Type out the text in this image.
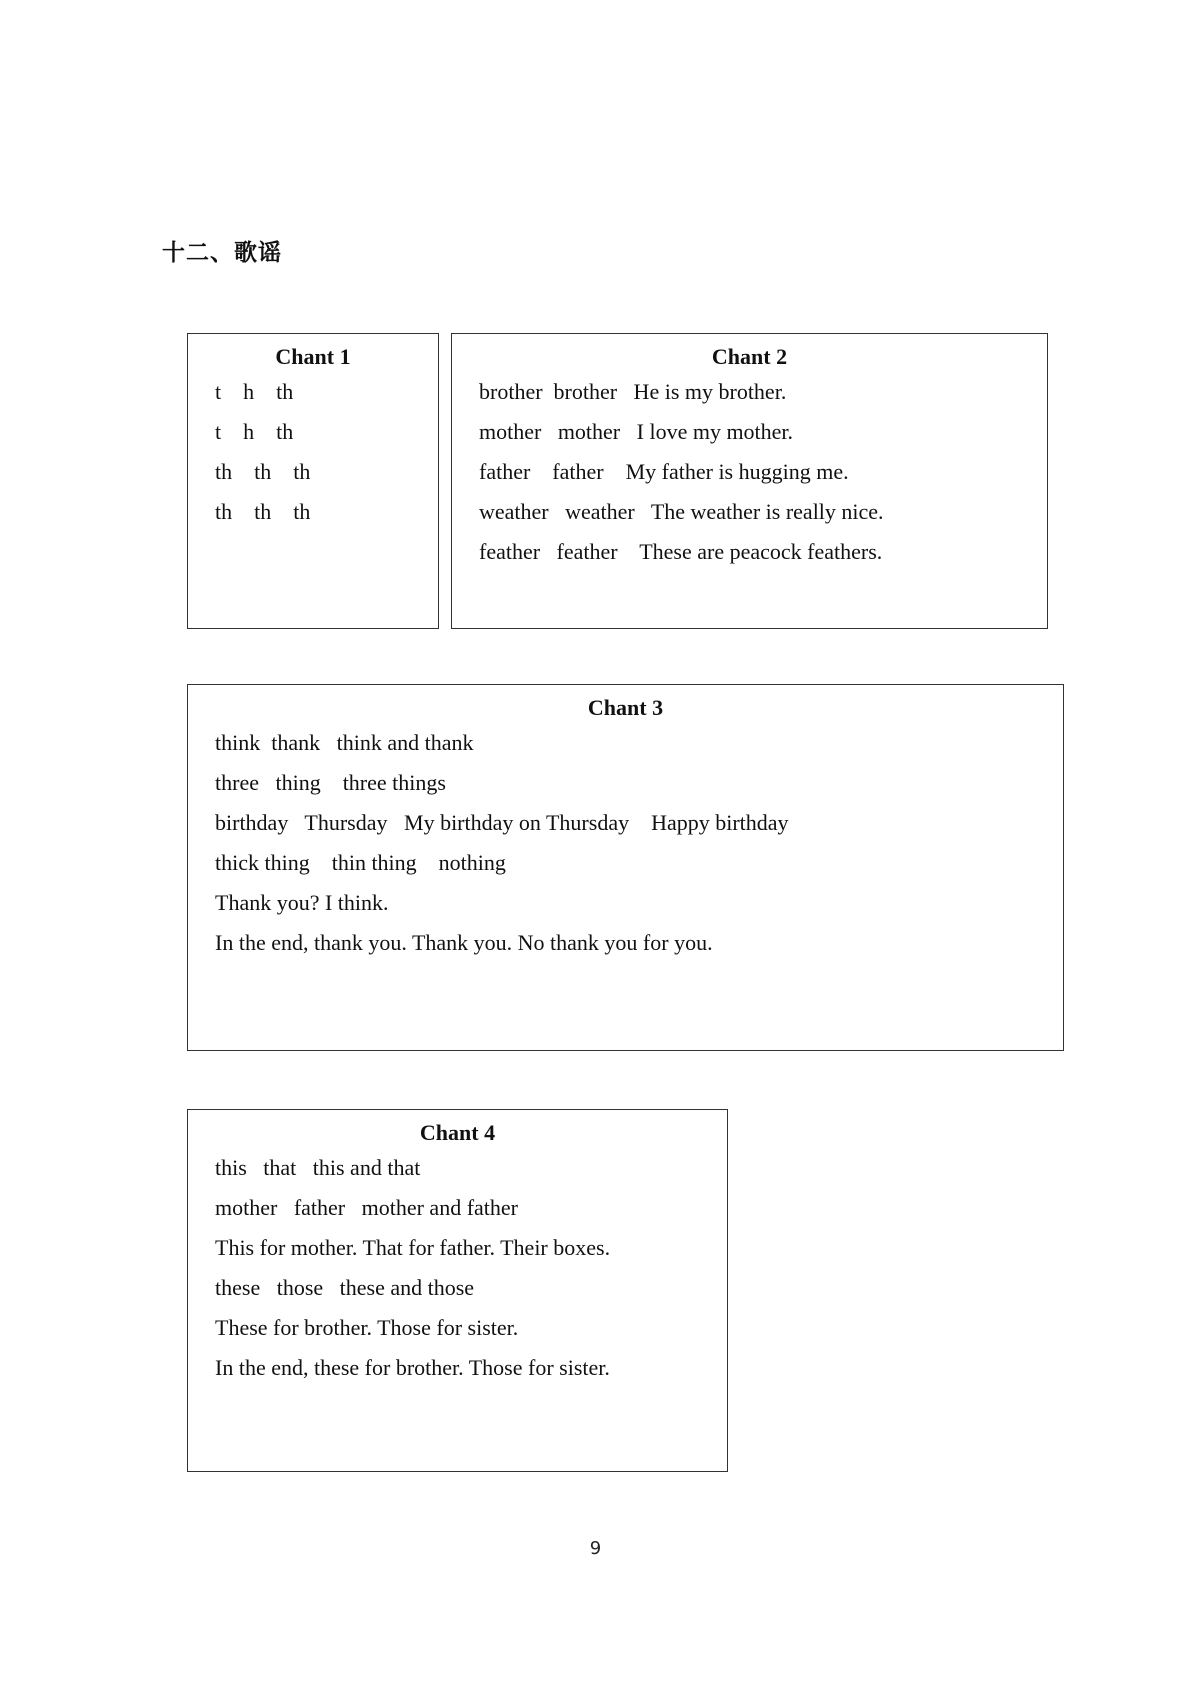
十二、歌谣
Chant 1
t    h    th
t    h    th
th    th    th
th    th    th
Chant 2
brother  brother   He is my brother.
mother   mother   I love my mother.
father    father    My father is hugging me.
weather   weather   The weather is really nice.
feather   feather    These are peacock feathers.
Chant 3
think  thank   think and thank
three   thing    three things
birthday   Thursday   My birthday on Thursday    Happy birthday
thick thing    thin thing    nothing
Thank you? I think.
In the end, thank you. Thank you. No thank you for you.
Chant 4
this   that   this and that
mother   father   mother and father
This for mother. That for father. Their boxes.
these   those   these and those
These for brother. Those for sister.
In the end, these for brother. Those for sister.
9
